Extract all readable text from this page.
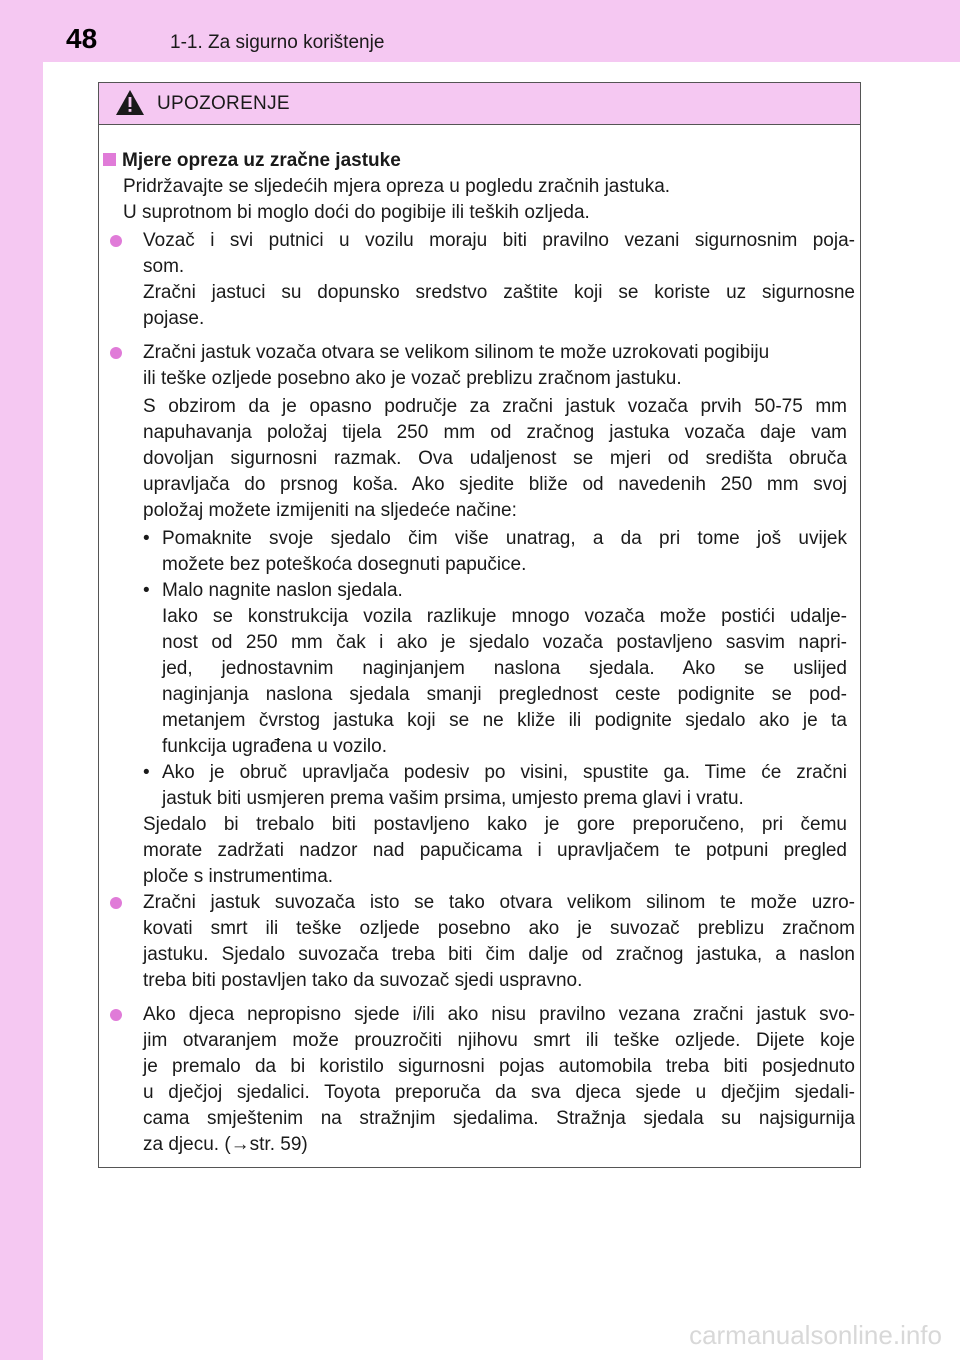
48	1-1. Za sigurno korištenje
UPOZORENJE
Mjere opreza uz zračne jastuke
Pridržavajte se sljedećih mjera opreza u pogledu zračnih jastuka.
U suprotnom bi moglo doći do pogibije ili teških ozljeda.
Vozač i svi putnici u vozilu moraju biti pravilno vezani sigurnosnim poja-
som.
Zračni jastuci su dopunsko sredstvo zaštite koji se koriste uz sigurnosne
pojase.
Zračni jastuk vozača otvara se velikom silinom te može uzrokovati pogibiju
ili teške ozljede posebno ako je vozač preblizu zračnom jastuku.
S obzirom da je opasno područje za zračni jastuk vozača prvih 50-75 mm
napuhavanja položaj tijela 250 mm od zračnog jastuka vozača daje vam
dovoljan sigurnosni razmak. Ova udaljenost se mjeri od središta obruča
upravljača do prsnog koša. Ako sjedite bliže od navedenih 250 mm svoj
položaj možete izmijeniti na sljedeće načine:
• Pomaknite svoje sjedalo čim više unatrag, a da pri tome još uvijek
možete bez poteškoća dosegnuti papučice.
• Malo nagnite naslon sjedala.
Iako se konstrukcija vozila razlikuje mnogo vozača može postići udalje-
nost od 250 mm čak i ako je sjedalo vozača postavljeno sasvim napri-
jed, jednostavnim naginjanjem naslona sjedala. Ako se uslijed
naginjanja naslona sjedala smanji preglednost ceste podignite se pod-
metanjem čvrstog jastuka koji se ne kliže ili podignite sjedalo ako je ta
funkcija ugrađena u vozilo.
• Ako je obruč upravljača podesiv po visini, spustite ga. Time će zračni
jastuk biti usmjeren prema vašim prsima, umjesto prema glavi i vratu.
Sjedalo bi trebalo biti postavljeno kako je gore preporučeno, pri čemu
morate zadržati nadzor nad papučicama i upravljačem te potpuni pregled
ploče s instrumentima.
Zračni jastuk suvozača isto se tako otvara velikom silinom te može uzro-
kovati smrt ili teške ozljede posebno ako je suvozač preblizu zračnom
jastuku. Sjedalo suvozača treba biti čim dalje od zračnog jastuka, a naslon
treba biti postavljen tako da suvozač sjedi uspravno.
Ako djeca nepropisno sjede i/ili ako nisu pravilno vezana zračni jastuk svo-
jim otvaranjem može prouzročiti njihovu smrt ili teške ozljede. Dijete koje
je premalo da bi koristilo sigurnosni pojas automobila treba biti posjednuto
u dječjoj sjedalici. Toyota preporuča da sva djeca sjede u dječjim sjedali-
cama smještenim na stražnjim sjedalima. Stražnja sjedala su najsigurnija
za djecu. (→str. 59)
carmanualsonline.info
